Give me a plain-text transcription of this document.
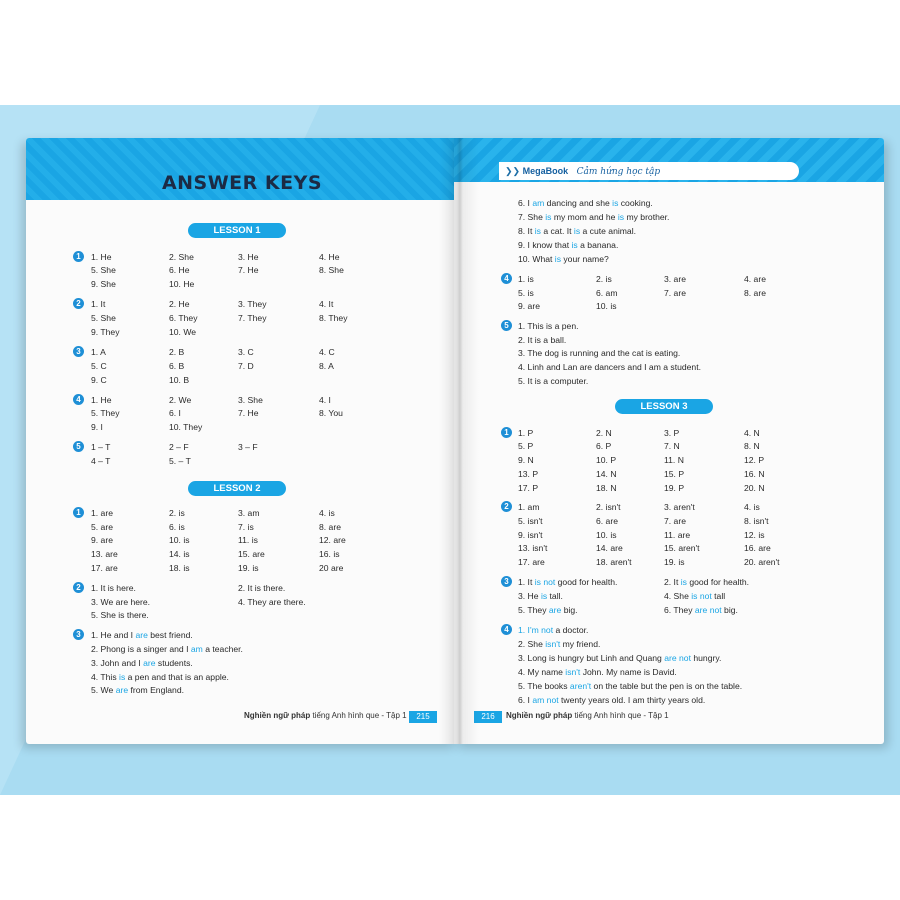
ANSWER KEYS
LESSON 1
1	1. He	2. She	3. He	4. He
5. She	6. He	7. He	8. She
9. She	10. He
2	1. It	2. He	3. They	4. It
5. She	6. They	7. They	8. They
9. They	10. We
3	1. A	2. B	3. C	4. C
5. C	6. B	7. D	8. A
9. C	10. B
4	1. He	2. We	3. She	4. I
5. They	6. I	7. He	8. You
9. I	10. They
5	1 – T	2 – F	3 – F
4 – T	5. – T
LESSON 2
1	1. are	2. is	3. am	4. is
5. are	6. is	7. is	8. are
9. are	10. is	11. is	12. are
13. are	14. is	15. are	16. is
17. are	18. is	19. is	20 are
2	1. It is here.	2. It is there.
3. We are here.	4. They are there.
5. She is there.
3	1. He and I are best friend.
2. Phong is a singer and I am a teacher.
3. John and I are students.
4. This is a pen and that is an apple.
5. We are from England.
Nghiền ngữ pháp tiếng Anh hình que - Tập 1	215
❯❯ MegaBook Cảm hứng học tập
6. I am dancing and she is cooking.
7. She is my mom and he is my brother.
8. It is a cat. It is a cute animal.
9. I know that is a banana.
10. What is your name?
4	1. is	2. is	3. are	4. are
5. is	6. am	7. are	8. are
9. are	10. is
5	1. This is a pen.
2. It is a ball.
3. The dog is running and the cat is eating.
4. Linh and Lan are dancers and I am a student.
5. It is a computer.
LESSON 3
1	1. P	2. N	3. P	4. N
5. P	6. P	7. N	8. N
9. N	10. P	11. N	12. P
13. P	14. N	15. P	16. N
17. P	18. N	19. P	20. N
2	1. am	2. isn't	3. aren't	4. is
5. isn't	6. are	7. are	8. isn't
9. isn't	10. is	11. are	12. is
13. isn't	14. are	15. aren't	16. are
17. are	18. aren't	19. is	20. aren't
3	1. It is not good for health.	2. It is good for health.
3. He is tall.	4. She is not tall
5. They are big.	6. They are not big.
4	1. I'm not a doctor.
2. She isn't my friend.
3. Long is hungry but Linh and Quang are not hungry.
4. My name isn't John. My name is David.
5. The books aren't on the table but the pen is on the table.
6. I am not twenty years old. I am thirty years old.
216	Nghiền ngữ pháp tiếng Anh hình que - Tập 1
